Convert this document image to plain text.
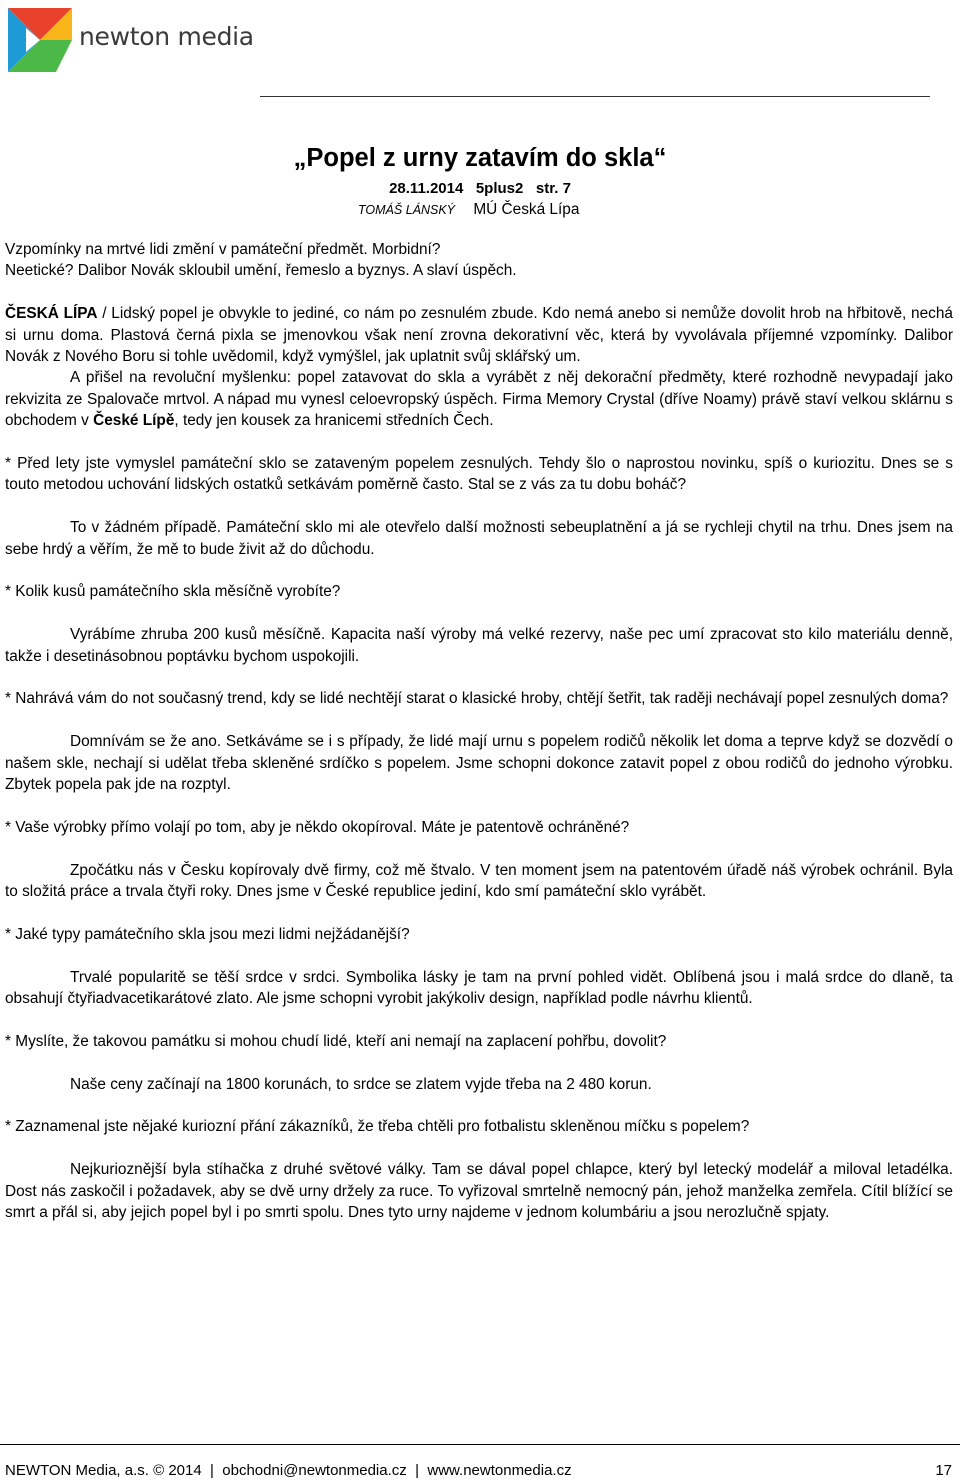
newton media
„Popel z urny zatavím do skla“
28.11.2014 5plus2 str. 7
TOMÁŠ LÁNSKÝ MÚ Česká Lípa

Vzpomínky na mrtvé lidi změní v památeční předmět. Morbidní?
Neetické? Dalibor Novák skloubil umění, řemeslo a byznys. A slaví úspěch.

ČESKÁ LÍPA / Lidský popel je obvykle to jediné, co nám po zesnulém zbude. Kdo nemá anebo si nemůže dovolit hrob na hřbitově, nechá si urnu doma. Plastová černá pixla se jmenovkou však není zrovna dekorativní věc, která by vyvolávala příjemné vzpomínky. Dalibor Novák z Nového Boru si tohle uvědomil, když vymýšlel, jak uplatnit svůj sklářský um.

A přišel na revoluční myšlenku: popel zatavovat do skla a vyrábět z něj dekorační předměty, které rozhodně nevypadají jako rekvizita ze Spalovače mrtvol. A nápad mu vynesl celoevropský úspěch. Firma Memory Crystal (dříve Noamy) právě staví velkou sklárnu s obchodem v České Lípě, tedy jen kousek za hranicemi středních Čech.

* Před lety jste vymyslel památeční sklo se zataveným popelem zesnulých. Tehdy šlo o naprostou novinku, spíš o kuriozitu. Dnes se s touto metodou uchování lidských ostatků setkávám poměrně často. Stal se z vás za tu dobu boháč?

To v žádném případě. Památeční sklo mi ale otevřelo další možnosti sebeuplatnění a já se rychleji chytil na trhu. Dnes jsem na sebe hrdý a věřím, že mě to bude živit až do důchodu.

* Kolik kusů památečního skla měsíčně vyrobíte?

Vyrábíme zhruba 200 kusů měsíčně. Kapacita naší výroby má velké rezervy, naše pec umí zpracovat sto kilo materiálu denně, takže i desetinásobnou poptávku bychom uspokojili.

* Nahrává vám do not současný trend, kdy se lidé nechtějí starat o klasické hroby, chtějí šetřit, tak raději nechávají popel zesnulých doma?

Domnívám se že ano. Setkáváme se i s případy, že lidé mají urnu s popelem rodičů několik let doma a teprve když se dozvědí o našem skle, nechají si udělat třeba skleněné srdíčko s popelem. Jsme schopni dokonce zatavit popel z obou rodičů do jednoho výrobku. Zbytek popela pak jde na rozptyl.

* Vaše výrobky přímo volají po tom, aby je někdo okopíroval. Máte je patentově ochráněné?

Zpočátku nás v Česku kopírovaly dvě firmy, což mě štvalo. V ten moment jsem na patentovém úřadě náš výrobek ochránil. Byla to složitá práce a trvala čtyři roky. Dnes jsme v České republice jediní, kdo smí památeční sklo vyrábět.

* Jaké typy památečního skla jsou mezi lidmi nejžádanější?

Trvalé popularitě se těší srdce v srdci. Symbolika lásky je tam na první pohled vidět. Oblíbená jsou i malá srdce do dlaně, ta obsahují čtyřiadvacetikarátové zlato. Ale jsme schopni vyrobit jakýkoliv design, například podle návrhu klientů.

* Myslíte, že takovou památku si mohou chudí lidé, kteří ani nemají na zaplacení pohřbu, dovolit?

Naše ceny začínají na 1800 korunách, to srdce se zlatem vyjde třeba na 2 480 korun.

* Zaznamenal jste nějaké kuriozní přání zákazníků, že třeba chtěli pro fotbalistu skleněnou míčku s popelem?

Nejkurioznější byla stíhačka z druhé světové války. Tam se dával popel chlapce, který byl letecký modelář a miloval letadélka. Dost nás zaskočil i požadavek, aby se dvě urny držely za ruce. To vyřizoval smrtelně nemocný pán, jehož manželka zemřela. Cítil blížící se smrt a přál si, aby jejich popel byl i po smrti spolu. Dnes tyto urny najdeme v jednom kolumbáriu a jsou nerozlučně spjaty.

NEWTON Media, a.s. © 2014  |  obchodni@newtonmedia.cz  |  www.newtonmedia.cz	17
